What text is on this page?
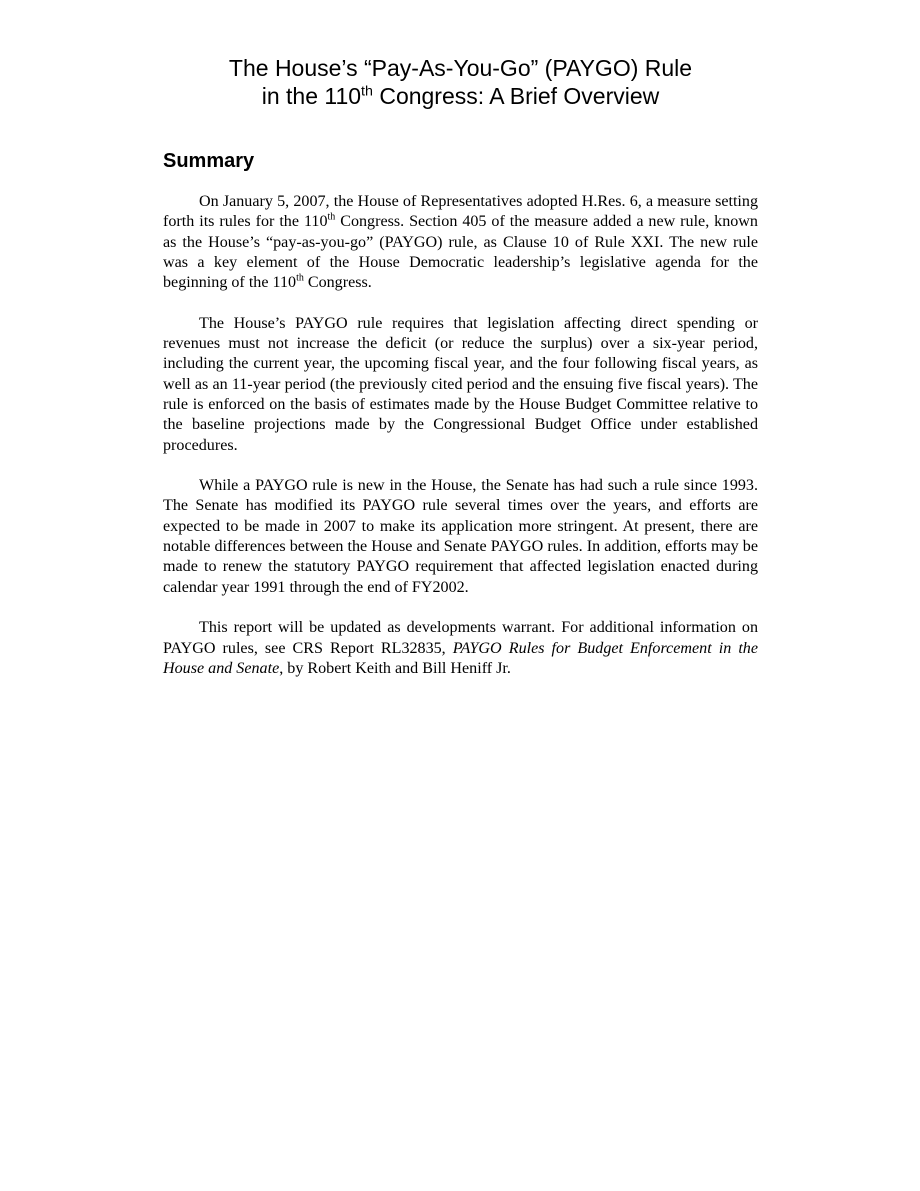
The House’s “Pay-As-You-Go” (PAYGO) Rule
in the 110th Congress: A Brief Overview
Summary

On January 5, 2007, the House of Representatives adopted H.Res. 6, a measure setting forth its rules for the 110th Congress. Section 405 of the measure added a new rule, known as the House’s “pay-as-you-go” (PAYGO) rule, as Clause 10 of Rule XXI. The new rule was a key element of the House Democratic leadership’s legislative agenda for the beginning of the 110th Congress.

The House’s PAYGO rule requires that legislation affecting direct spending or revenues must not increase the deficit (or reduce the surplus) over a six-year period, including the current year, the upcoming fiscal year, and the four following fiscal years, as well as an 11-year period (the previously cited period and the ensuing five fiscal years). The rule is enforced on the basis of estimates made by the House Budget Committee relative to the baseline projections made by the Congressional Budget Office under established procedures.

While a PAYGO rule is new in the House, the Senate has had such a rule since 1993. The Senate has modified its PAYGO rule several times over the years, and efforts are expected to be made in 2007 to make its application more stringent. At present, there are notable differences between the House and Senate PAYGO rules. In addition, efforts may be made to renew the statutory PAYGO requirement that affected legislation enacted during calendar year 1991 through the end of FY2002.

This report will be updated as developments warrant. For additional information on PAYGO rules, see CRS Report RL32835, PAYGO Rules for Budget Enforcement in the House and Senate, by Robert Keith and Bill Heniff Jr.
